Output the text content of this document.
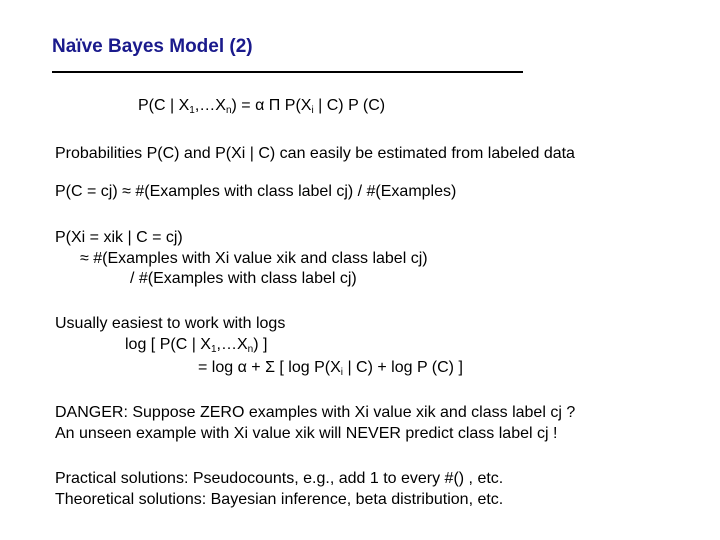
Naïve Bayes Model (2)
P(C | $X_1,\dots X_n) = \alpha$ Π $P(X_i$ | C) P (C)
Probabilities P(C) and P(Xi | C) can easily be estimated from labeled data
P(C = cj) ≈ #(Examples with class label cj) / #(Examples)
P(Xi = xik | C = cj)
≈ #(Examples with Xi value xik and class label cj)
/ #(Examples with class label cj)
Usually easiest to work with logs
log [ P(C | $X_1,\dots X_n$) ]
= log α + Σ [ $\log P(X_i$ | C) + log P (C) ]
DANGER: Suppose ZERO examples with Xi value xik and class label cj ?
An unseen example with Xi value xik will NEVER predict class label cj !
Practical solutions: Pseudocounts, e.g., add 1 to every #() , etc.
Theoretical solutions: Bayesian inference, beta distribution, etc.
